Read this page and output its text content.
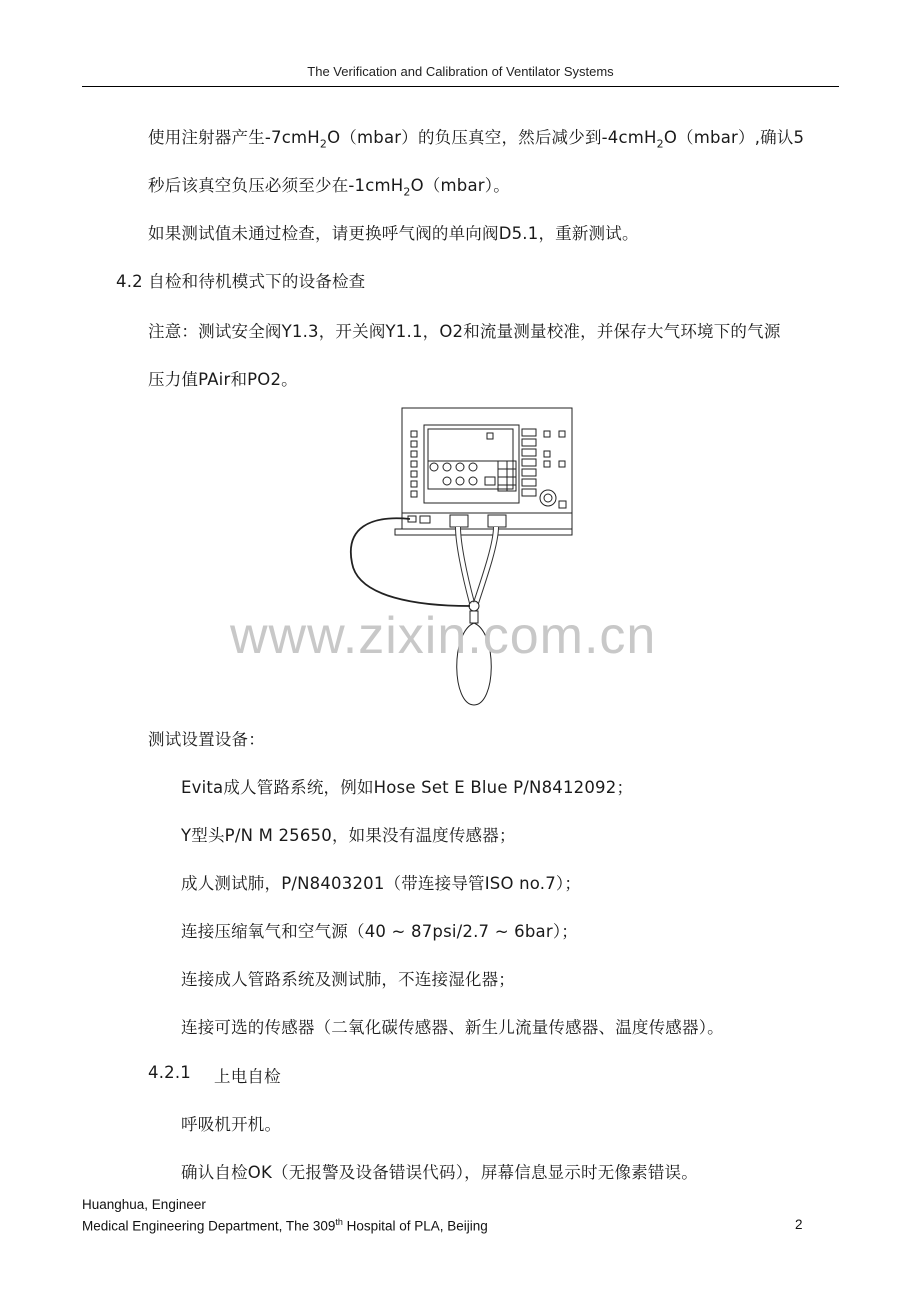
The Verification and Calibration of Ventilator Systems
使用注射器产生-7cmH$_2$O（mbar）的负压真空，然后减少到-4cmH$_2$O（mbar）,确认5
秒后该真空负压必须至少在-1cmH$_2$O（mbar）。
如果测试值未通过检查，请更换呼气阀的单向阀D5.1，重新测试。
4.2 自检和待机模式下的设备检查
注意：测试安全阀Y1.3，开关阀Y1.1，O2和流量测量校准，并保存大气环境下的气源
压力值PAir和PO2。
www.zixin.com.cn
测试设置设备：
Evita成人管路系统，例如Hose Set E Blue P/N8412092；
Y型头P/N M 25650，如果没有温度传感器；
成人测试肺，P/N8403201（带连接导管ISO no.7）；
连接压缩氧气和空气源（40 ~ 87psi/2.7 ~ 6bar）；
连接成人管路系统及测试肺，不连接湿化器；
连接可选的传感器（二氧化碳传感器、新生儿流量传感器、温度传感器）。
4.2.1 上电自检
呼吸机开机。
确认自检OK（无报警及设备错误代码），屏幕信息显示时无像素错误。
Huanghua, Engineer
Medical Engineering Department, The 309th Hospital of PLA, Beijing	2
